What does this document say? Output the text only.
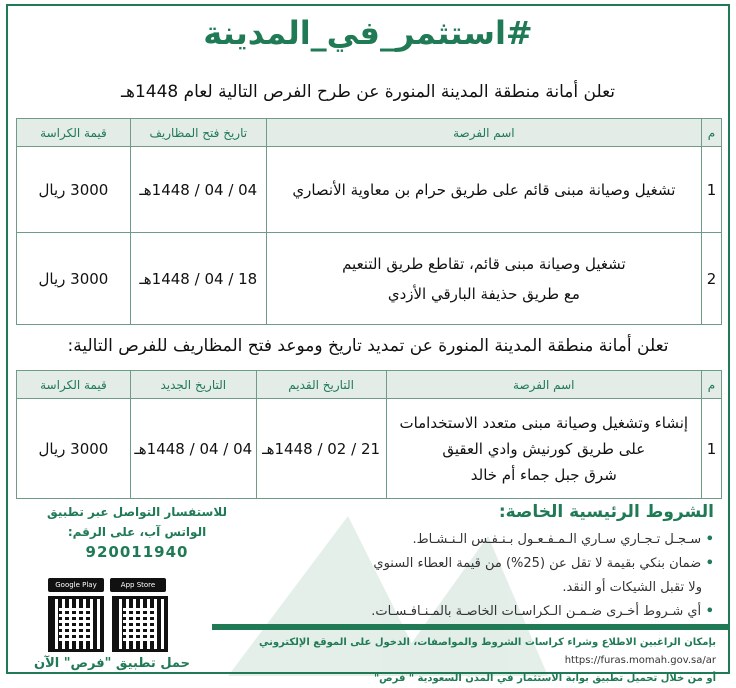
#استثمر_في_المدينة
تعلن أمانة منطقة المدينة المنورة عن طرح الفرص التالية لعام 1448هـ
م	اسم الفرصة	تاريخ فتح المظاريف	قيمة الكراسة
1	تشغيل وصيانة مبنى قائم على طريق حرام بن معاوية الأنصاري	04 / 04 / 1448هـ	3000 ريال
2	تشغيل وصيانة مبنى قائم، تقاطع طريق التنعيم
مع طريق حذيفة البارقي الأزدي	18 / 04 / 1448هـ	3000 ريال
تعلن أمانة منطقة المدينة المنورة عن تمديد تاريخ وموعد فتح المظاريف للفرص التالية:
م	اسم الفرصة	التاريخ القديم	التاريخ الجديد	قيمة الكراسة
1	إنشاء وتشغيل وصيانة مبنى متعدد الاستخدامات
على طريق كورنيش وادي العقيق
شرق جبل جماء أم خالد	21 / 02 / 1448هـ	04 / 04 / 1448هـ	3000 ريال
الشروط الرئيسية الخاصة:
• سـجـل تـجـاري سـاري الـمـفـعـول بـنـفـس الـنـشـاط.
• ضمان بنكي بقيمة لا تقل عن (25%) من قيمة العطاء السنوي
ولا تقبل الشيكات أو النقد.
• أي شـروط أخـرى ضـمـن الـكراسـات الخاصـة بالمـنـافـسـات.
للاستفسار التواصل عبر تطبيق
الواتس آب، على الرقم:
920011940
Google Play	App Store
حمل تطبيق "فرص" الآن
بإمكان الراغبين الاطلاع وشراء كراسات الشروط والمواصفات، الدخول على الموقع الإلكتروني https://furas.momah.gov.sa/ar
أو من خلال تحميل تطبيق بوابة الاستثمار في المدن السعودية " فرص"
